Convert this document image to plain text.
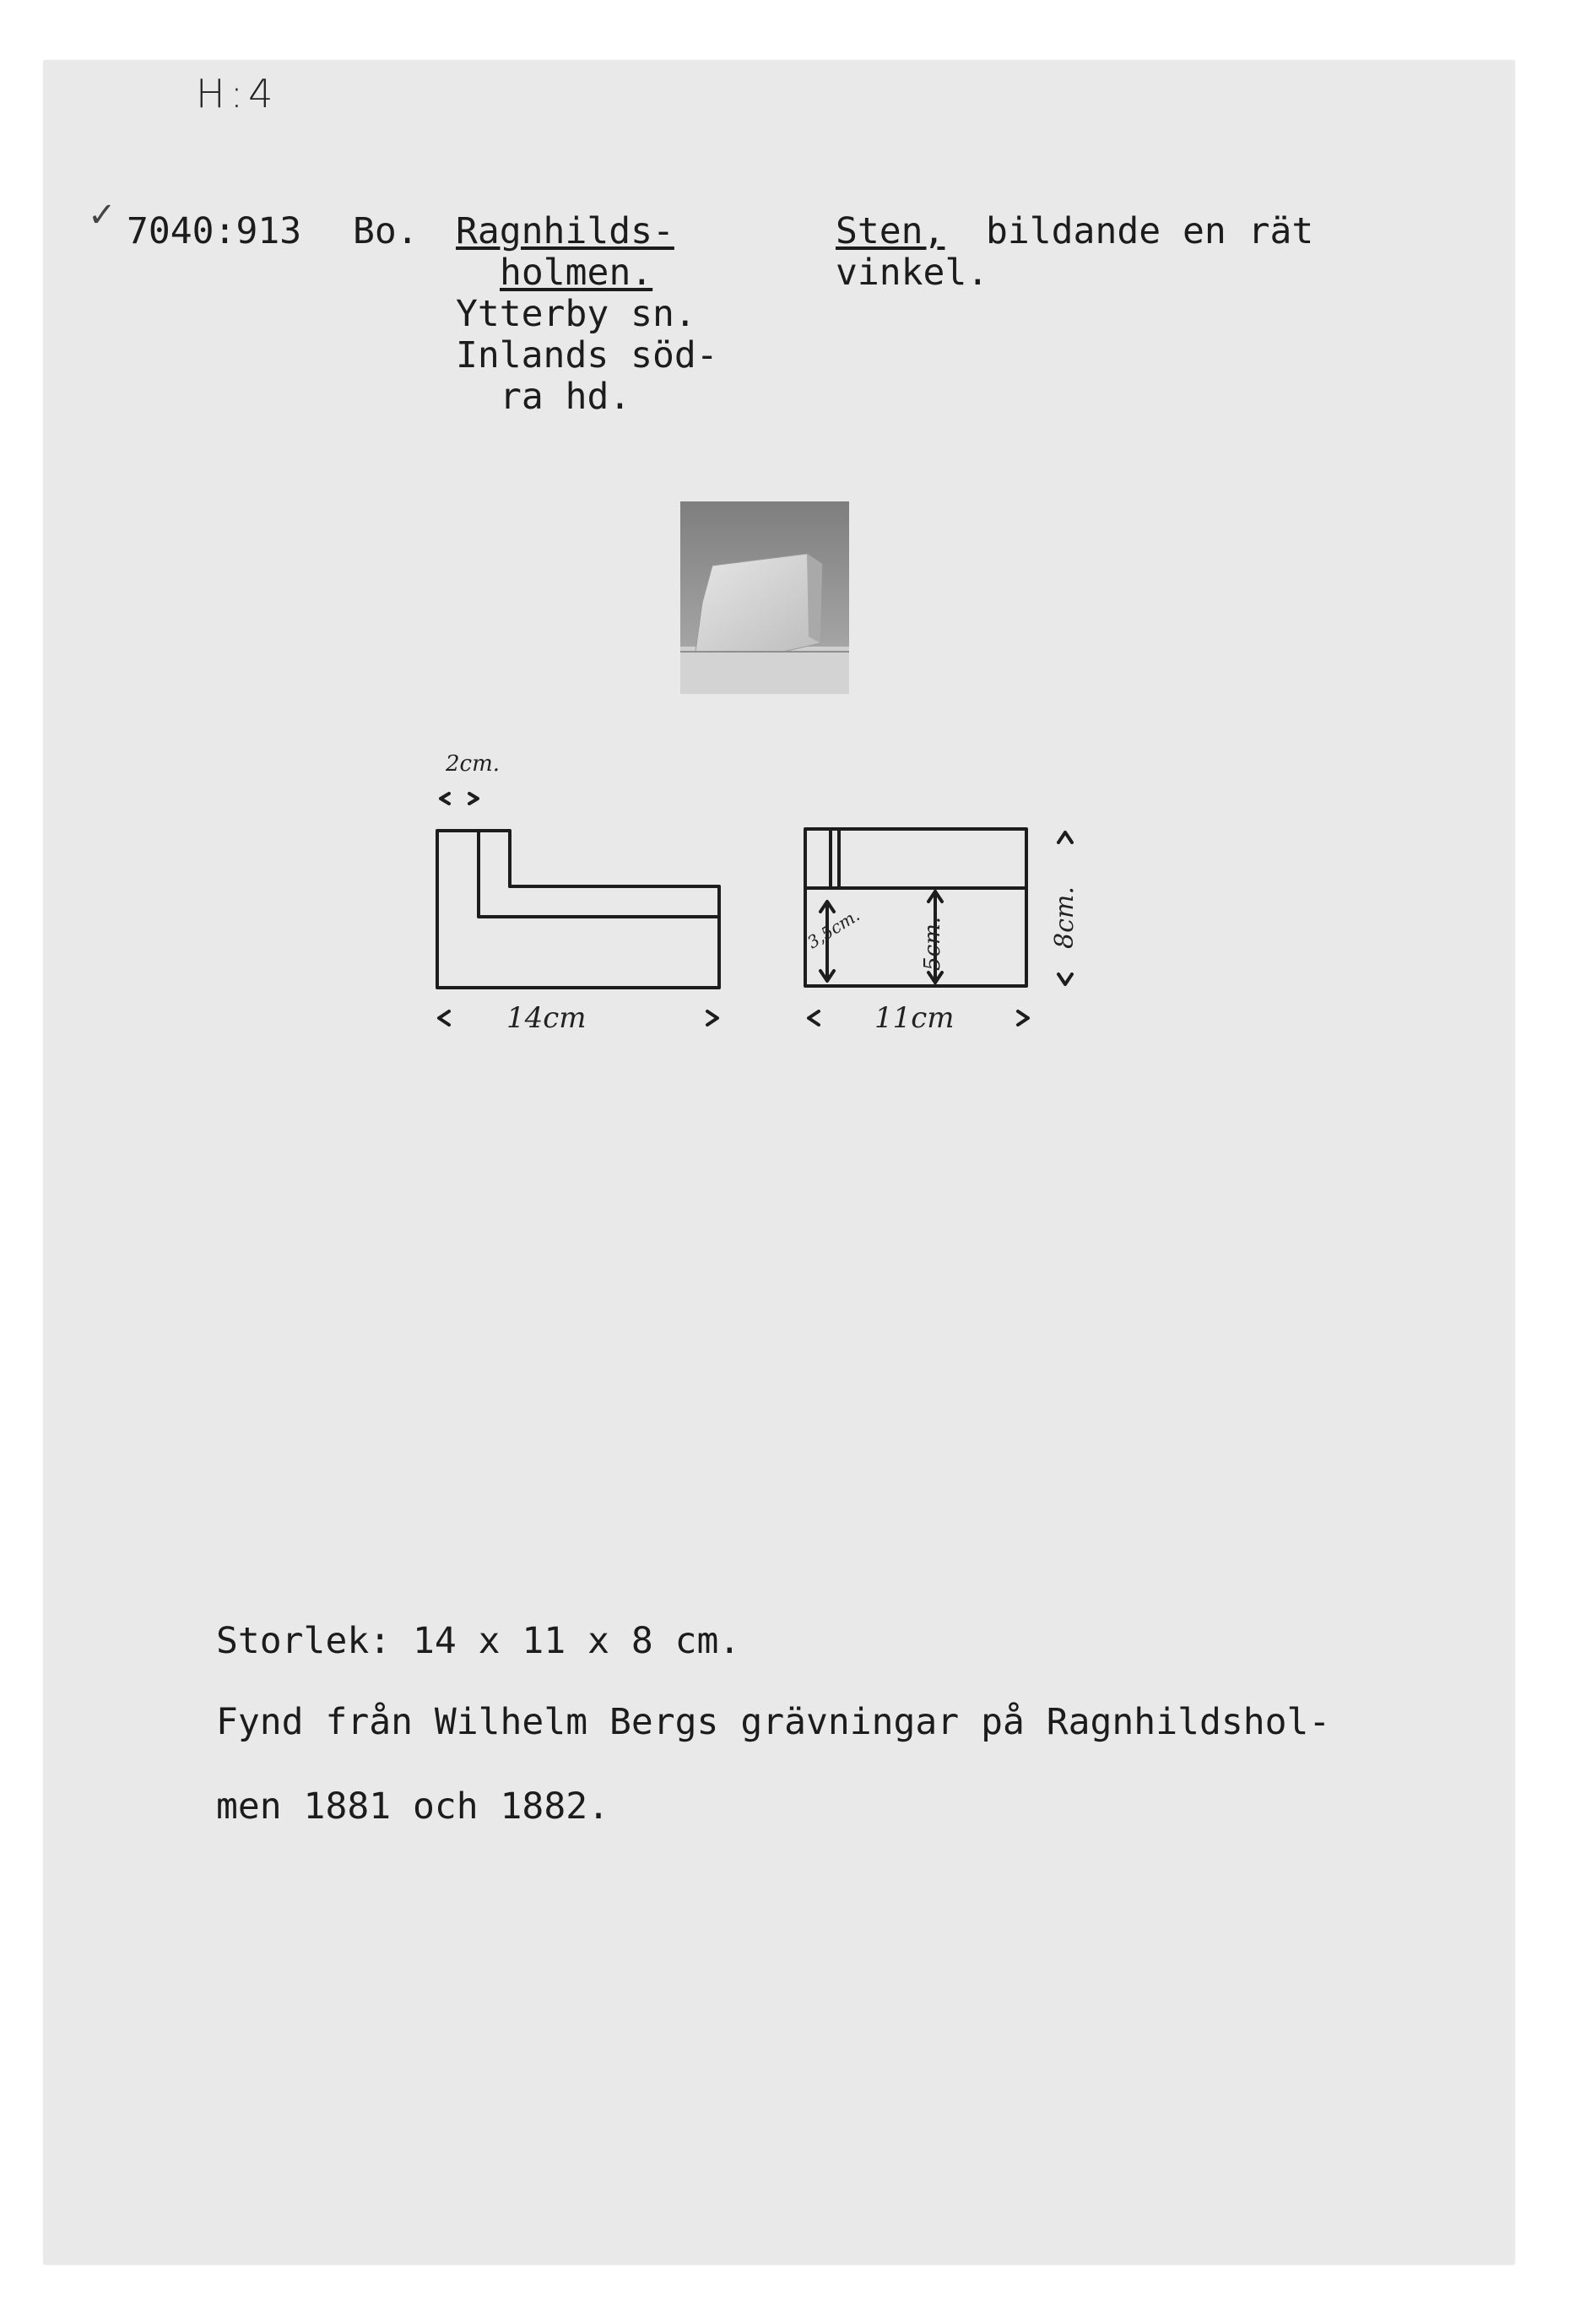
H:4
✓ 7040:913 Bo. Ragnhilds-
holmen.
Ytterby sn.
Inlands söd-
ra hd.
Sten, bildande en rät
vinkel.
2cm.
14cm
3,5cm.	5cm.	8cm.
11cm
Storlek: 14 x 11 x 8 cm.
Fynd från Wilhelm Bergs grävningar på Ragnhildshol-
men 1881 och 1882.
